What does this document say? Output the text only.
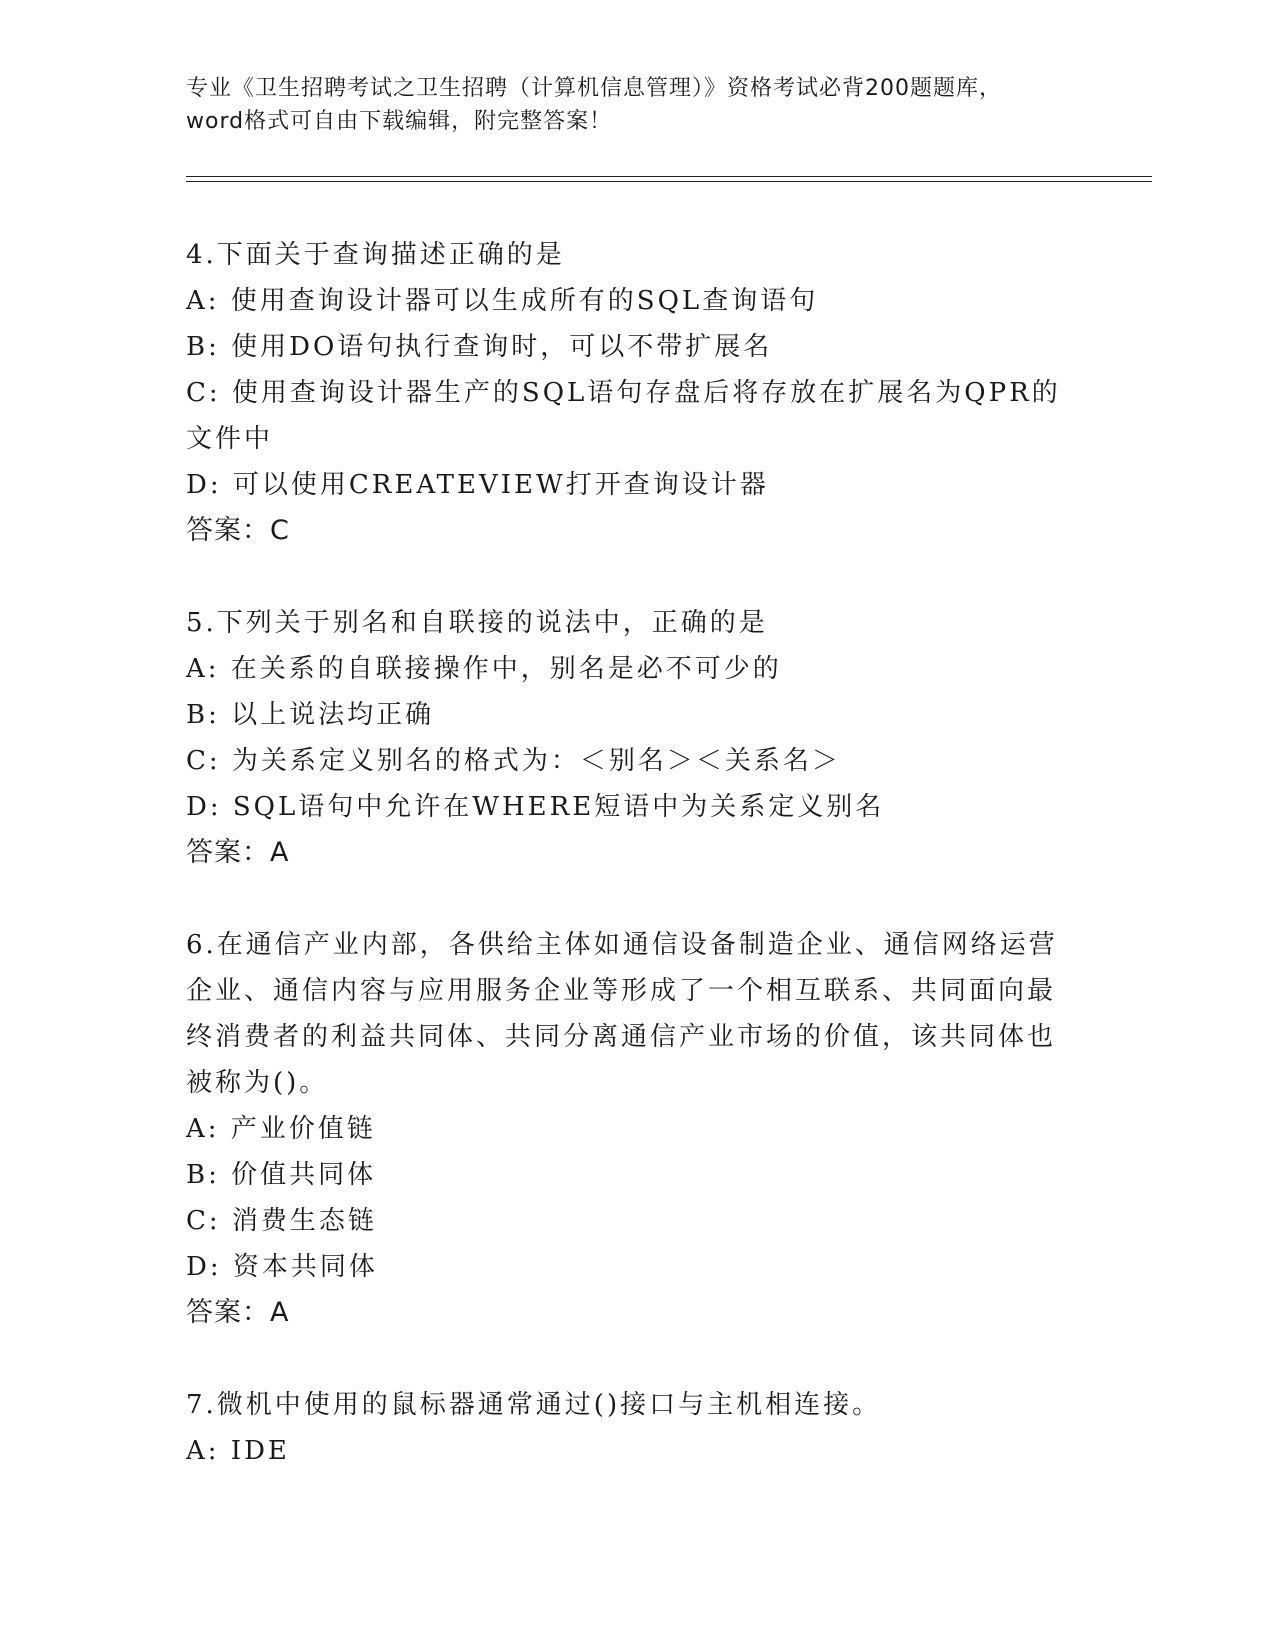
专业《卫生招聘考试之卫生招聘（计算机信息管理）》资格考试必背200题题库，
word格式可自由下载编辑，附完整答案！
4.下面关于查询描述正确的是
A: 使用查询设计器可以生成所有的SQL查询语句
B: 使用DO语句执行查询时，可以不带扩展名
C: 使用查询设计器生产的SQL语句存盘后将存放在扩展名为QPR的文件中
D: 可以使用CREATEVIEW打开查询设计器
答案：C
5.下列关于别名和自联接的说法中，正确的是
A: 在关系的自联接操作中，别名是必不可少的
B: 以上说法均正确
C: 为关系定义别名的格式为：＜别名＞＜关系名＞
D: SQL语句中允许在WHERE短语中为关系定义别名
答案：A
6.在通信产业内部，各供给主体如通信设备制造企业、通信网络运营企业、通信内容与应用服务企业等形成了一个相互联系、共同面向最终消费者的利益共同体、共同分离通信产业市场的价值，该共同体也被称为()。
A: 产业价值链
B: 价值共同体
C: 消费生态链
D: 资本共同体
答案：A
7.微机中使用的鼠标器通常通过()接口与主机相连接。
A: IDE
